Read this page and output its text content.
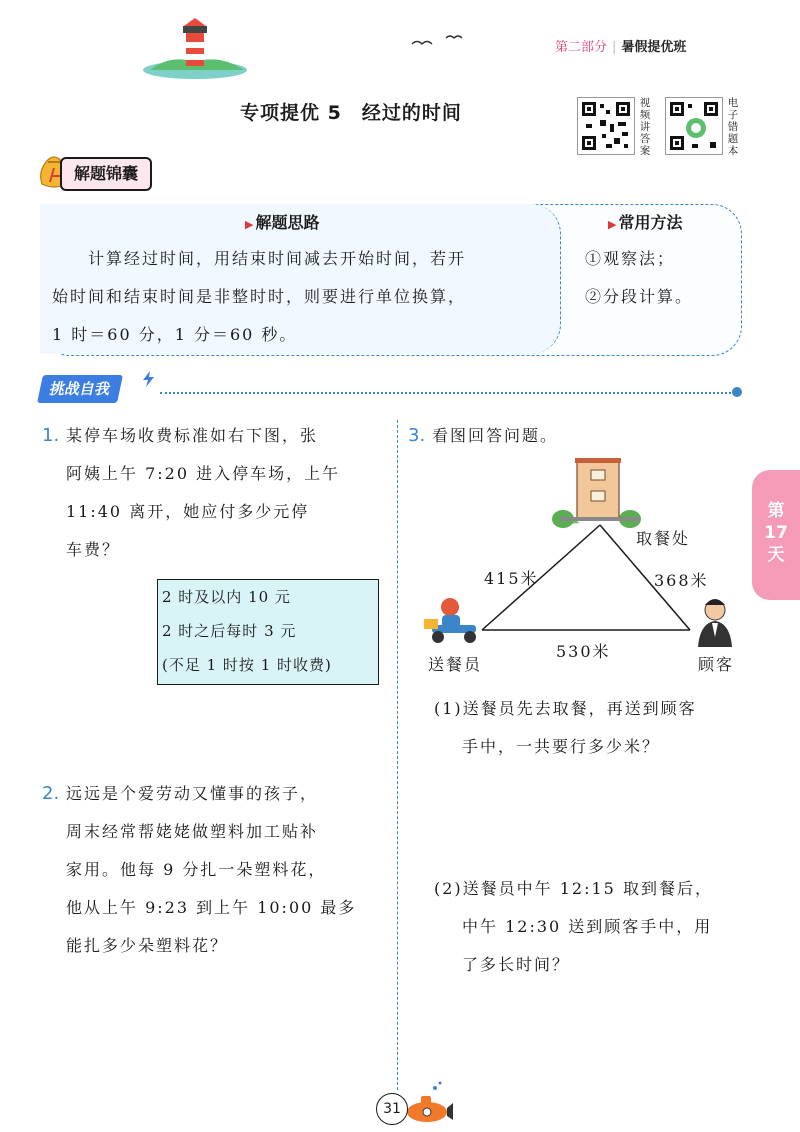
第二部分 | 暑假提优班
专项提优 5　经过的时间	视频讲答案
电子错题本
解题锦囊
▶ 解题思路
计算经过时间，用结束时间减去开始时间，若开
始时间和结束时间是非整时时，则要进行单位换算，
1 时＝60 分，1 分＝60 秒。
▶ 常用方法
①观察法；
②分段计算。
挑战自我
1. 某停车场收费标准如右下图，张
阿姨上午 7:20 进入停车场，上午
11:40 离开，她应付多少元停
车费？
2 时及以内 10 元
2 时之后每时 3 元
(不足 1 时按 1 时收费)
2. 远远是个爱劳动又懂事的孩子，
周末经常帮姥姥做塑料加工贴补
家用。他每 9 分扎一朵塑料花，
他从上午 9:23 到上午 10:00 最多
能扎多少朵塑料花？
3. 看图回答问题。
取餐处
415米	368米
530米
送餐员	顾客
(1)送餐员先去取餐，再送到顾客
手中，一共要行多少米？
(2)送餐员中午 12:15 取到餐后，
中午 12:30 送到顾客手中，用
了多长时间？
第
17
天
31
